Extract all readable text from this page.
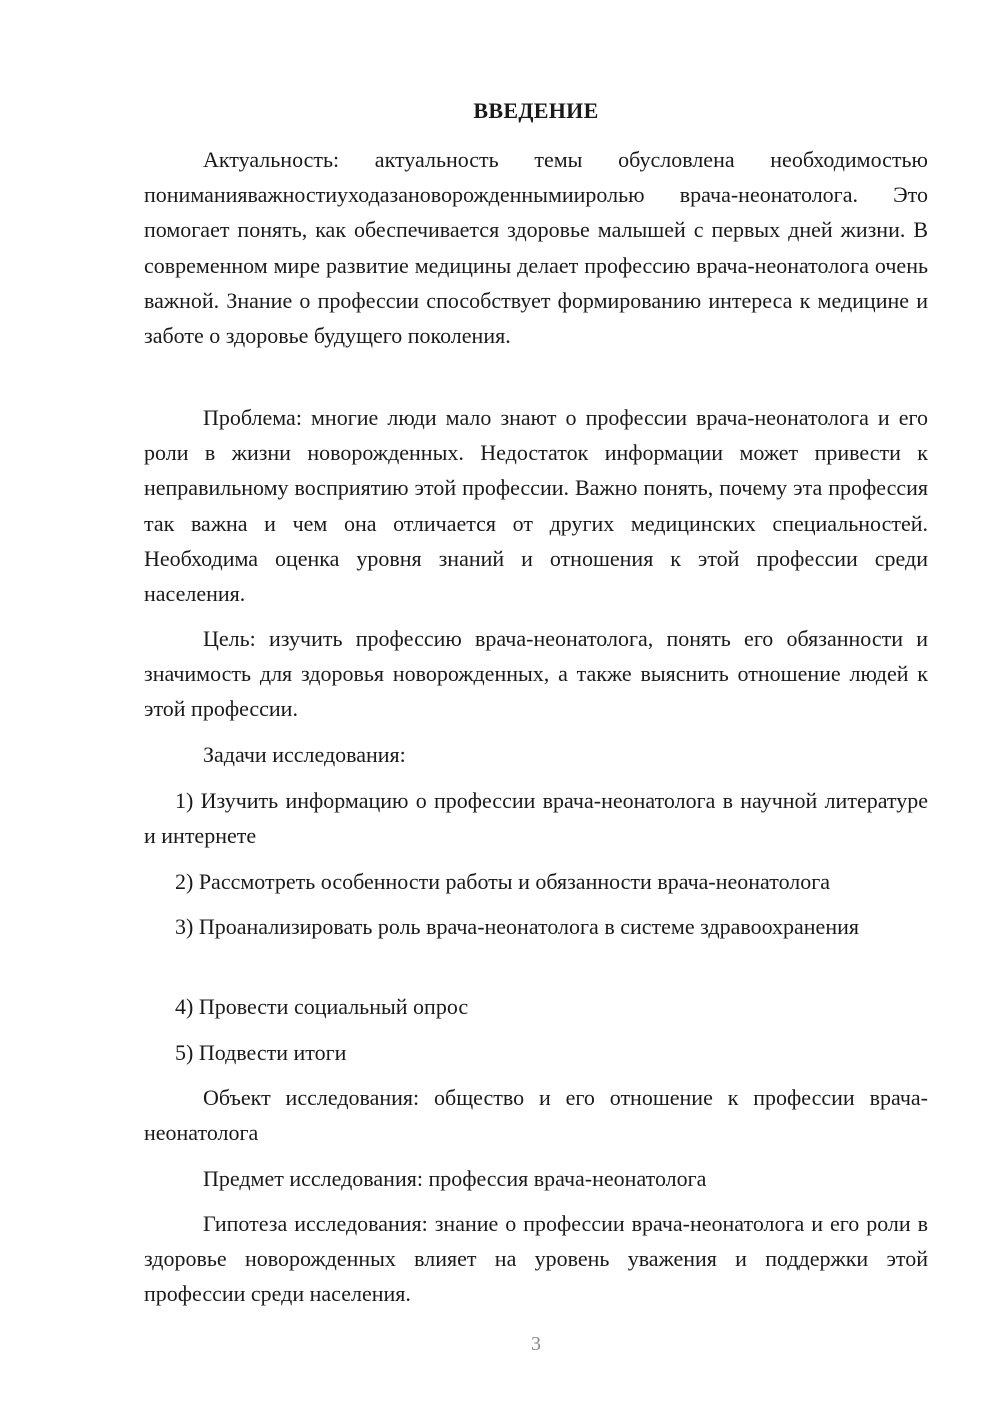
ВВЕДЕНИЕ

Актуальность: актуальность темы обусловлена необходимостью пониманияважностиуходазановорожденнымииролью врача-неонатолога. Это помогает понять, как обеспечивается здоровье малышей с первых дней жизни. В современном мире развитие медицины делает профессию врача-неонатолога очень важной. Знание о профессии способствует формированию интереса к медицине и заботе о здоровье будущего поколения.

Проблема: многие люди мало знают о профессии врача-неонатолога и его роли в жизни новорожденных. Недостаток информации может привести к неправильному восприятию этой профессии. Важно понять, почему эта профессия так важна и чем она отличается от других медицинских специальностей. Необходима оценка уровня знаний и отношения к этой профессии среди населения.

Цель: изучить профессию врача-неонатолога, понять его обязанности и значимость для здоровья новорожденных, а также выяснить отношение людей к этой профессии.

Задачи исследования:

1) Изучить информацию о профессии врача-неонатолога в научной литературе и интернете

2) Рассмотреть особенности работы и обязанности врача-неонатолога

3) Проанализировать роль врача-неонатолога в системе здравоохранения

4) Провести социальный опрос

5) Подвести итоги

Объект исследования: общество и его отношение к профессии врача-неонатолога

Предмет исследования: профессия врача-неонатолога

Гипотеза исследования: знание о профессии врача-неонатолога и его роли в здоровье новорожденных влияет на уровень уважения и поддержки этой профессии среди населения.

3
